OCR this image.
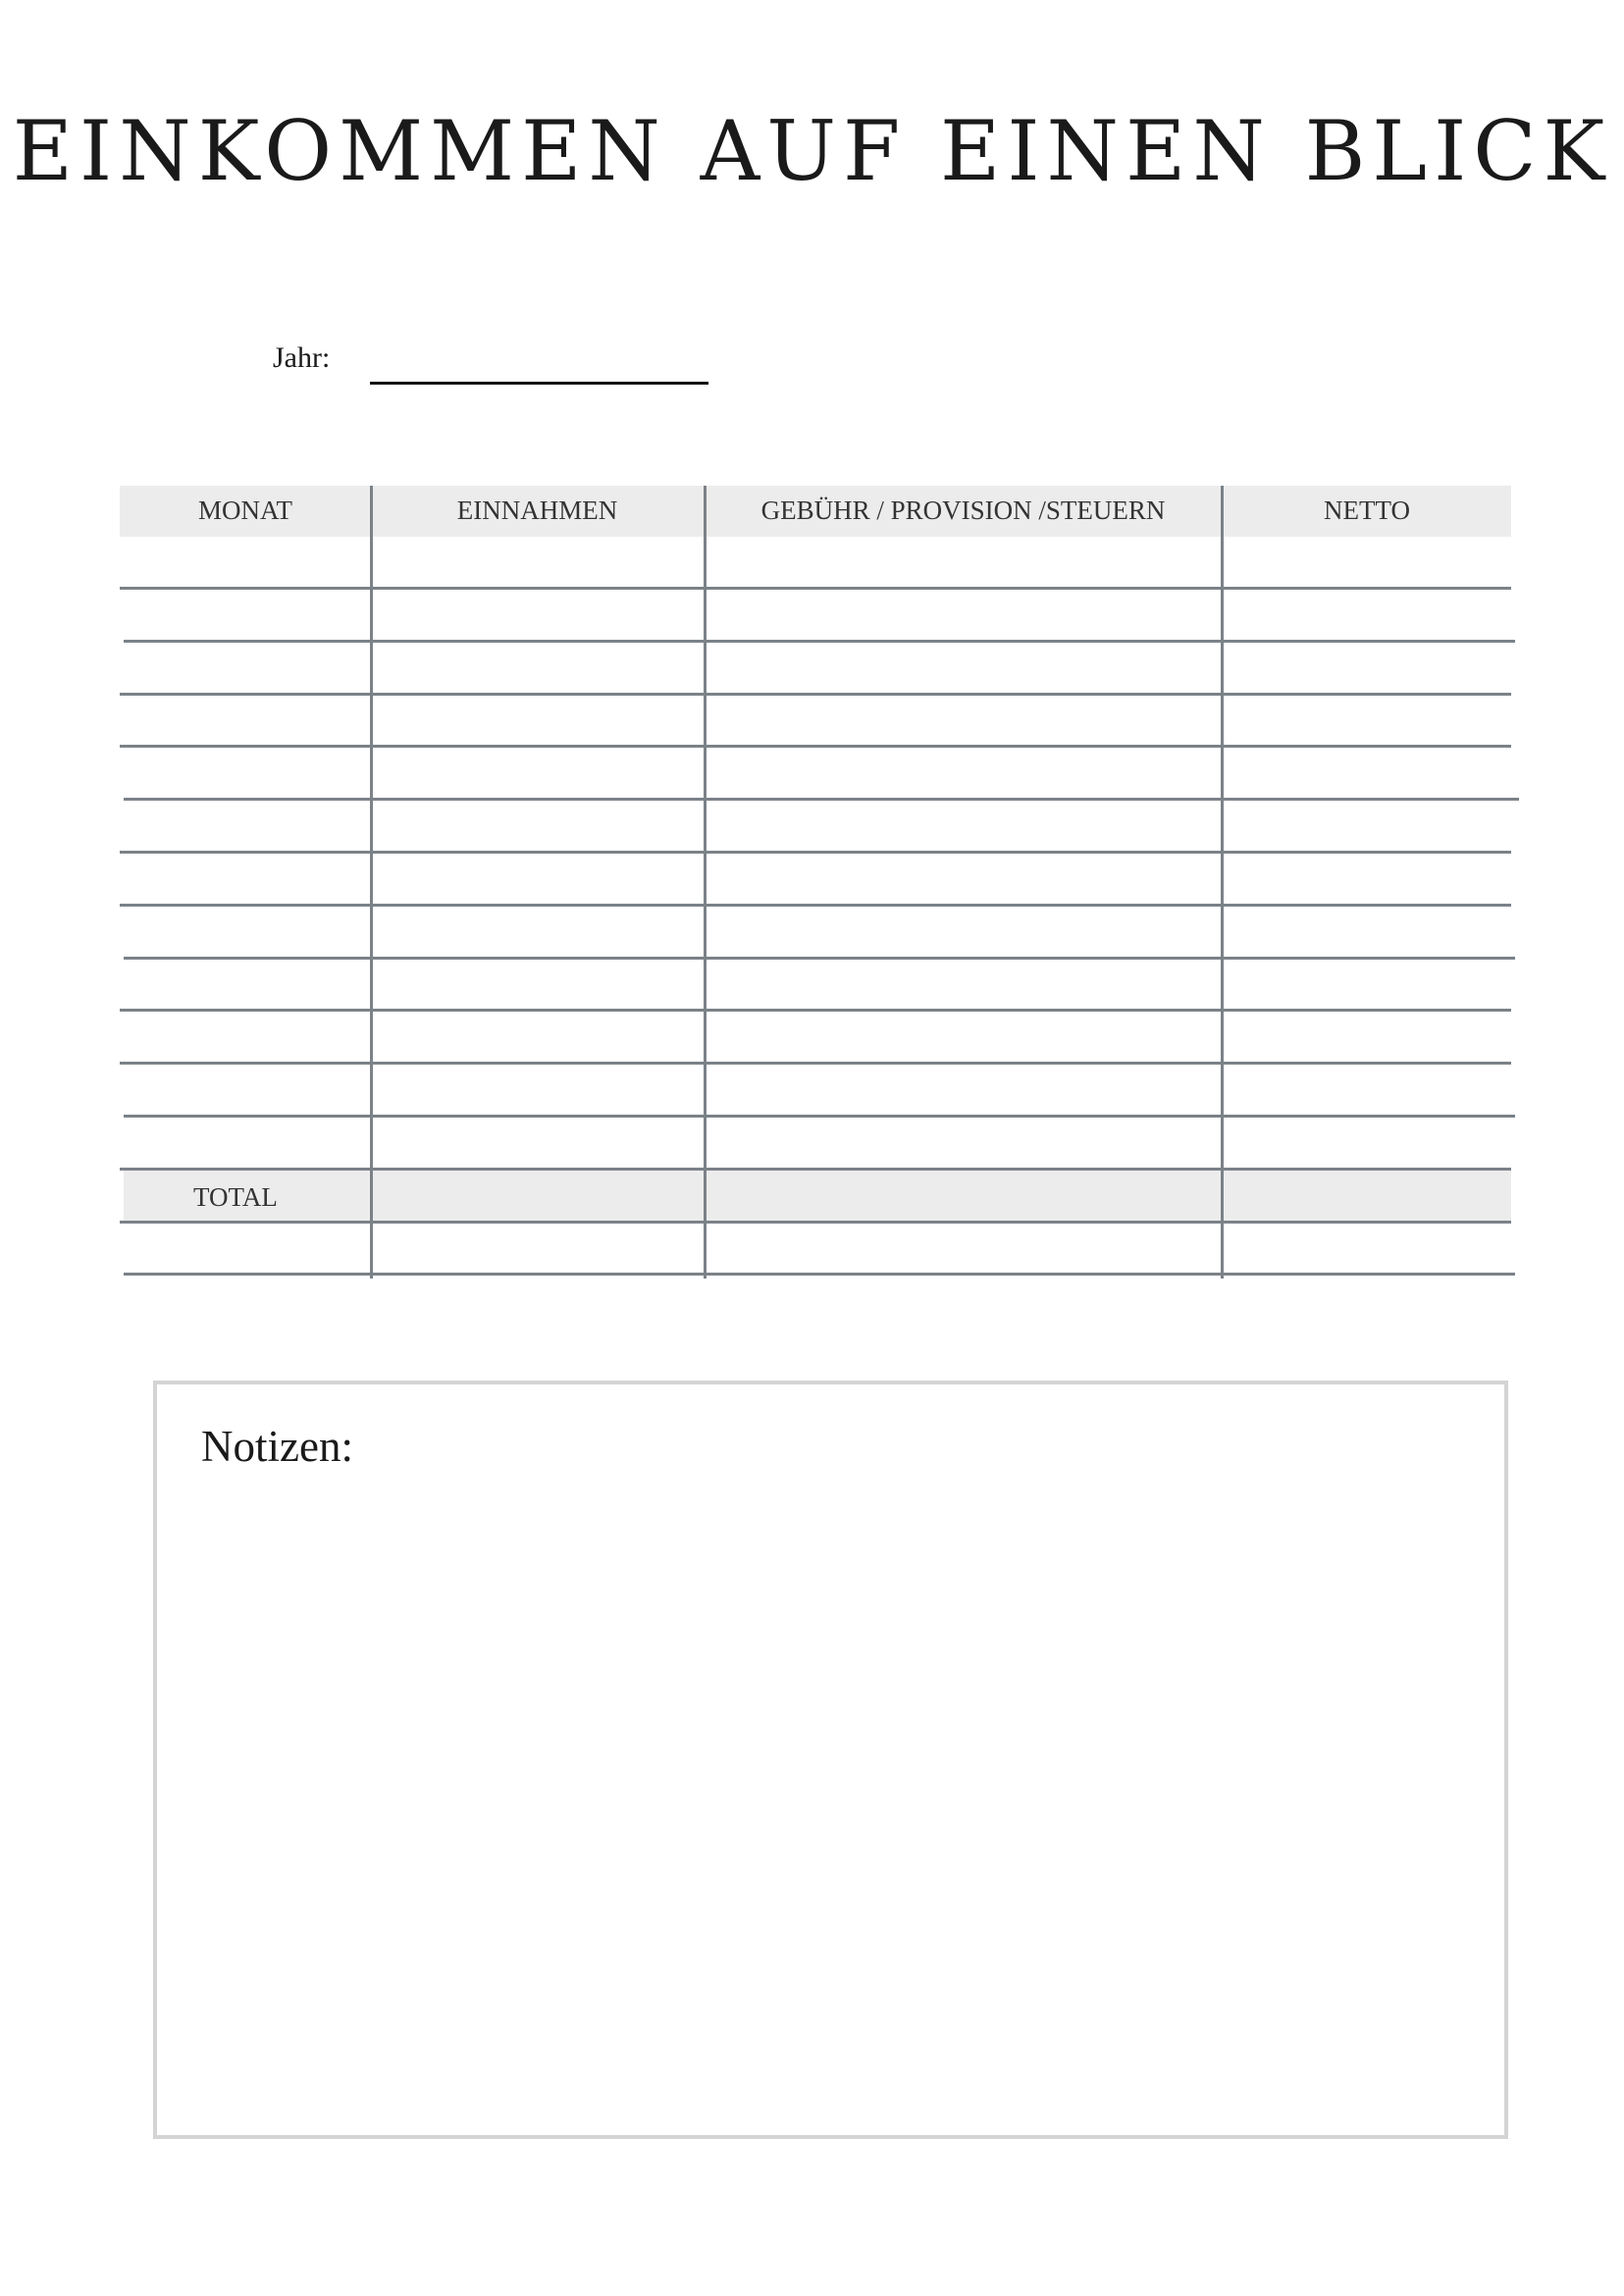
EINKOMMEN AUF EINEN BLICK
Jahr:
MONAT	EINNAHMEN	GEBÜHR / PROVISION /STEUERN	NETTO
TOTAL
Notizen:
